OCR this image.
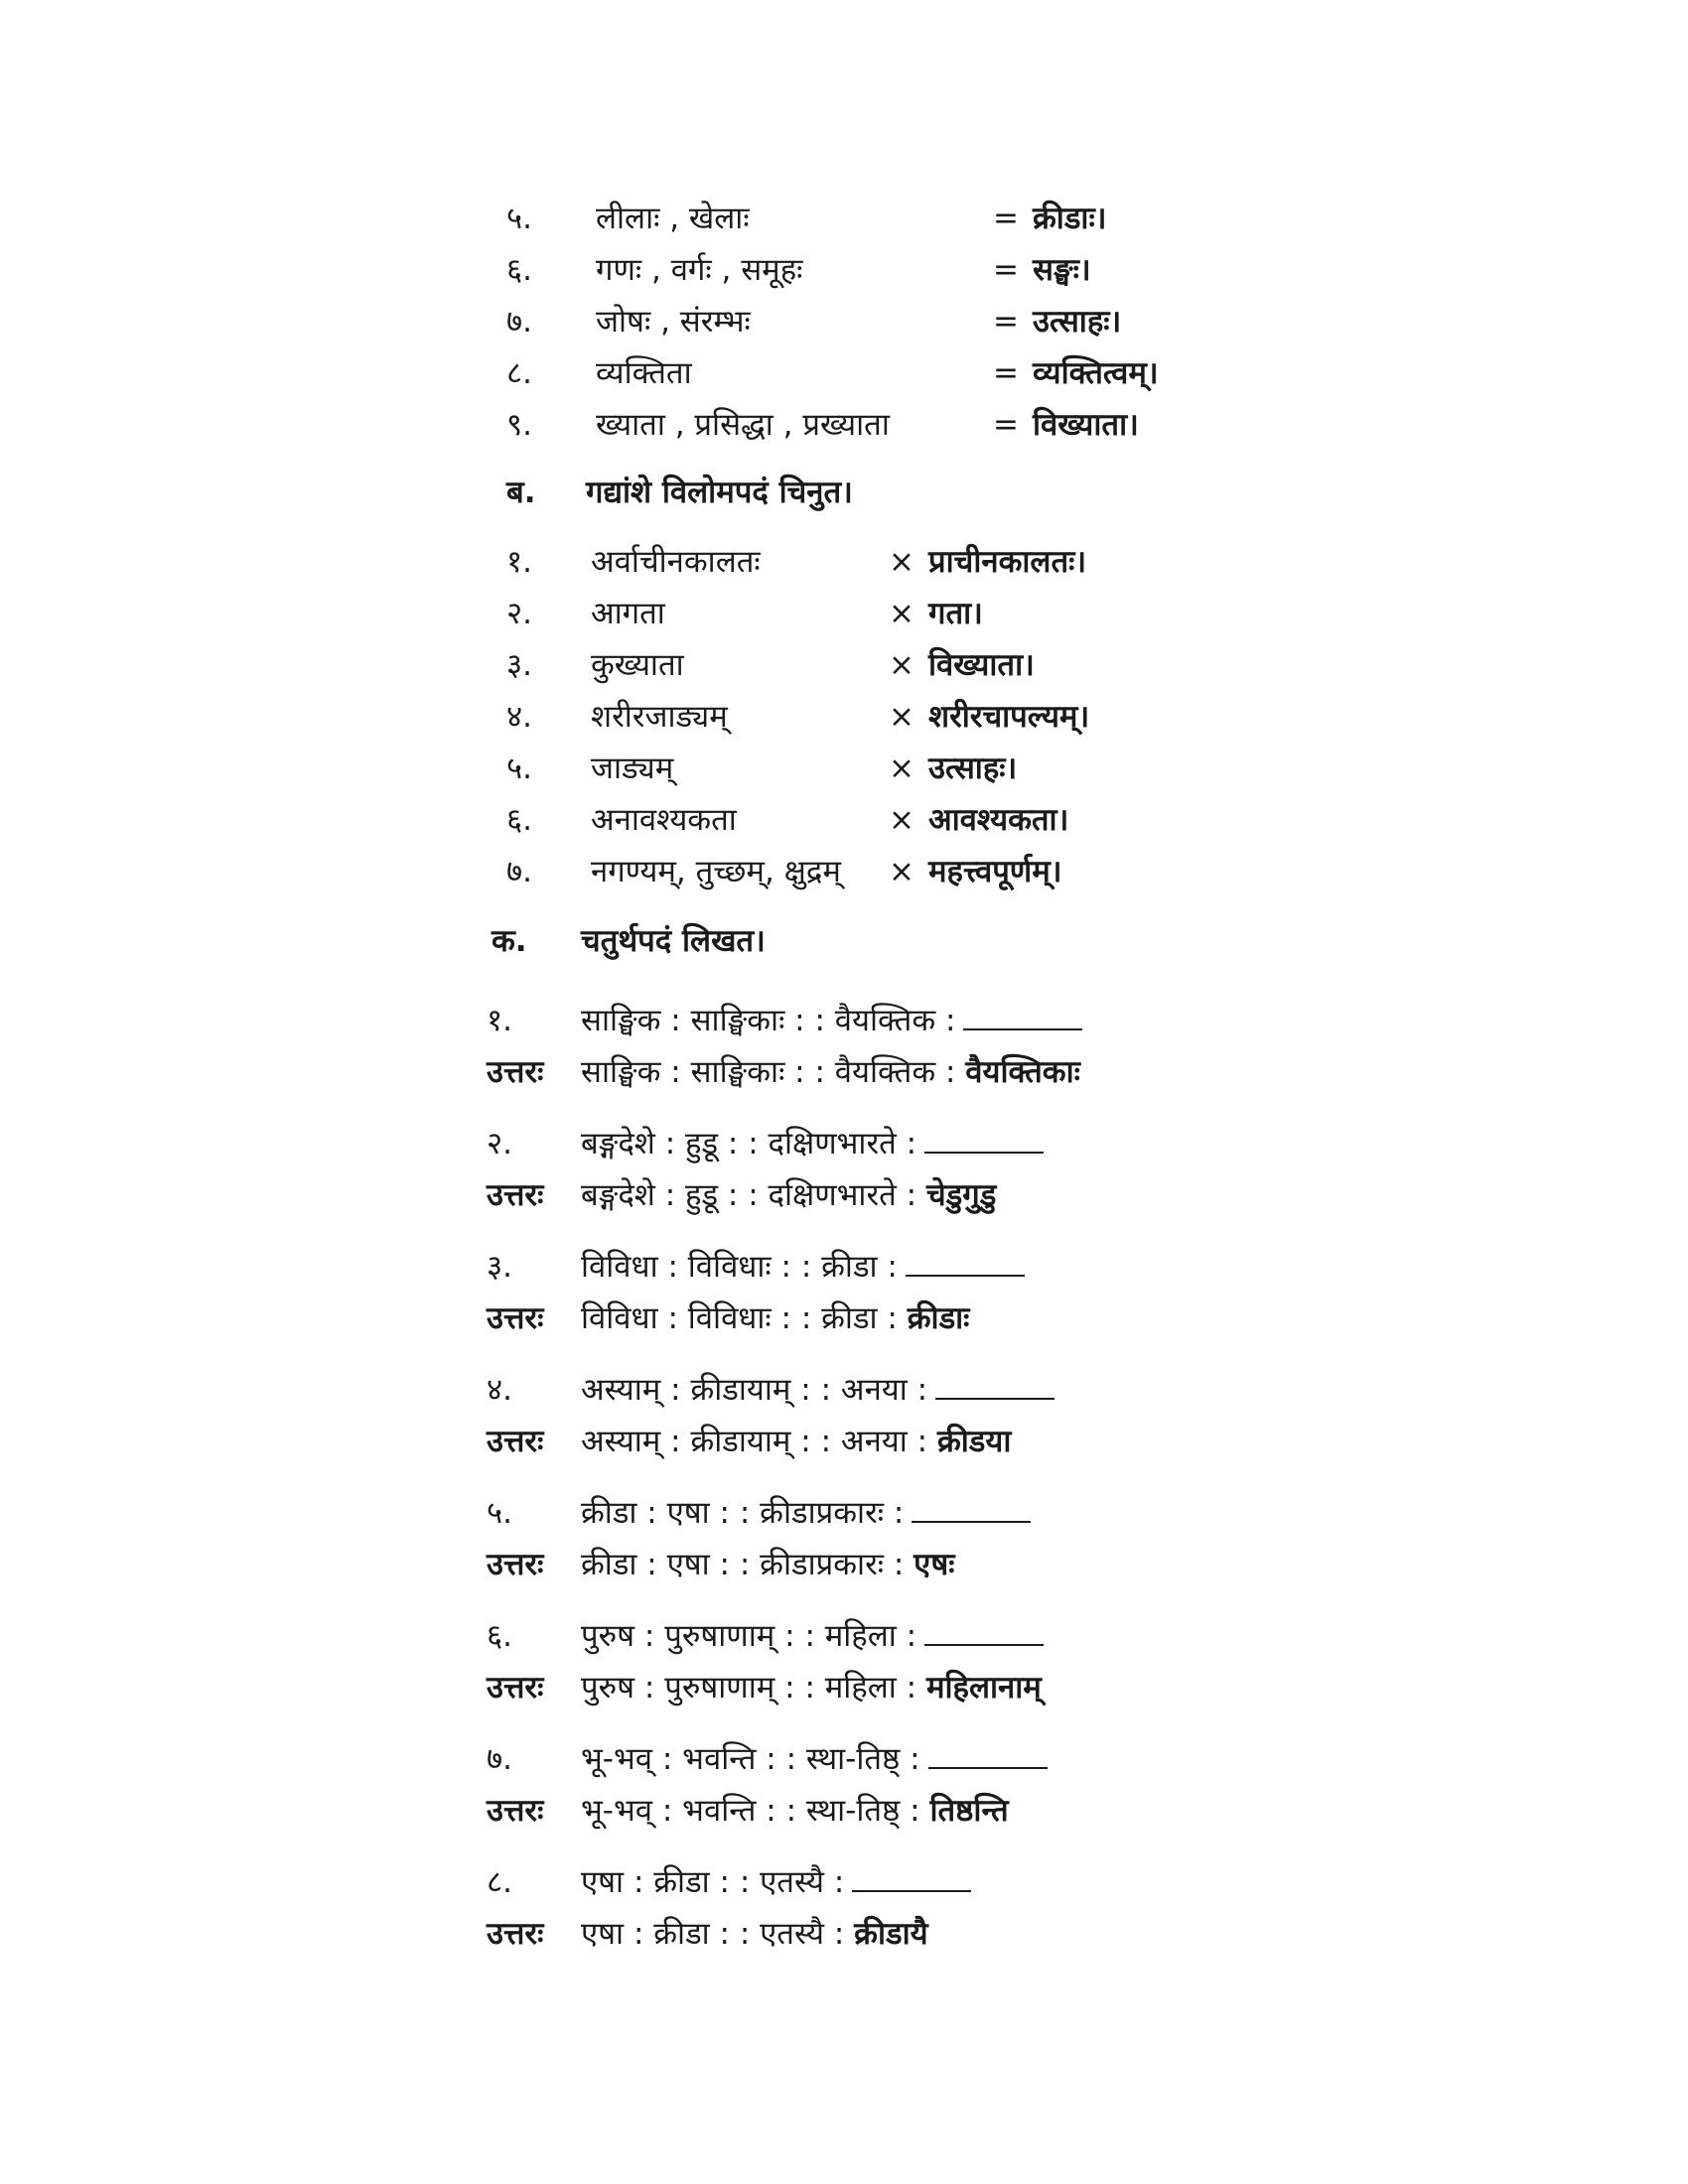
५. लीलाः , खेलाः	= क्रीडाः।
६. गणः , वर्गः , समूहः	= सङ्घः।
७. जोषः , संरम्भः	= उत्साहः।
८. व्यक्तिता	= व्यक्तित्वम्।
९. ख्याता , प्रसिद्धा , प्रख्याता	= विख्याता।
ब. गद्यांशे विलोमपदं चिनुत।
१. अर्वाचीनकालतः	× प्राचीनकालतः।
२. आगता	× गता।
३. कुख्याता	× विख्याता।
४. शरीरजाड्यम्	× शरीरचापल्यम्।
५. जाड्यम्	× उत्साहः।
६. अनावश्यकता	× आवश्यकता।
७. नगण्यम्, तुच्छम्, क्षुद्रम् × महत्त्वपूर्णम्।
क. चतुर्थपदं लिखत।
१. साङ्घिक : साङ्घिकाः : : वैयक्तिक :
उत्तरः साङ्घिक : साङ्घिकाः : : वैयक्तिक : वैयक्तिकाः
२. बङ्गदेशे : हुडू : : दक्षिणभारते :
उत्तरः बङ्गदेशे : हुडू : : दक्षिणभारते : चेडुगुडु
३. विविधा : विविधाः : : क्रीडा :
उत्तरः विविधा : विविधाः : : क्रीडा : क्रीडाः
४. अस्याम् : क्रीडायाम् : : अनया :
उत्तरः अस्याम् : क्रीडायाम् : : अनया : क्रीडया
५. क्रीडा : एषा : : क्रीडाप्रकारः :
उत्तरः क्रीडा : एषा : : क्रीडाप्रकारः : एषः
६. पुरुष : पुरुषाणाम् : : महिला :
उत्तरः पुरुष : पुरुषाणाम् : : महिला : महिलानाम्
७. भू-भव् : भवन्ति : : स्था-तिष्ठ् :
उत्तरः भू-भव् : भवन्ति : : स्था-तिष्ठ् : तिष्ठन्ति
८. एषा : क्रीडा : : एतस्यै :
उत्तरः एषा : क्रीडा : : एतस्यै : क्रीडायै
